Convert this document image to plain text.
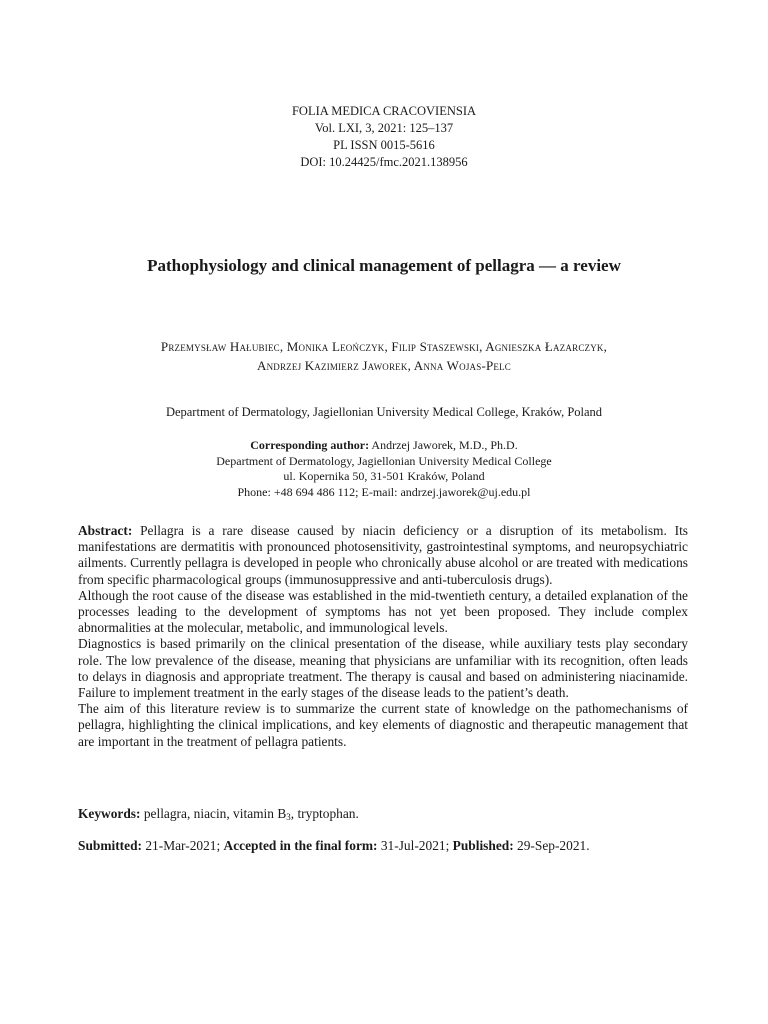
FOLIA MEDICA CRACOVIENSIA
Vol. LXI, 3, 2021: 125–137
PL ISSN 0015-5616
DOI: 10.24425/fmc.2021.138956
Pathophysiology and clinical management of pellagra — a review
Przemysław Hałubiec, Monika Leończyk, Filip Staszewski, Agnieszka Łazarczyk,
Andrzej Kazimierz Jaworek, Anna Wojas-Pelc
Department of Dermatology, Jagiellonian University Medical College, Kraków, Poland
Corresponding author: Andrzej Jaworek, M.D., Ph.D.
Department of Dermatology, Jagiellonian University Medical College
ul. Kopernika 50, 31-501 Kraków, Poland
Phone: +48 694 486 112; E-mail: andrzej.jaworek@uj.edu.pl

Abstract: Pellagra is a rare disease caused by niacin deficiency or a disruption of its metabolism. Its manifestations are dermatitis with pronounced photosensitivity, gastrointestinal symptoms, and neuropsychiatric ailments. Currently pellagra is developed in people who chronically abuse alcohol or are treated with medications from specific pharmacological groups (immunosuppressive and anti-tuberculosis drugs).

Although the root cause of the disease was established in the mid-twentieth century, a detailed explanation of the processes leading to the development of symptoms has not yet been proposed. They include complex abnormalities at the molecular, metabolic, and immunological levels.

Diagnostics is based primarily on the clinical presentation of the disease, while auxiliary tests play secondary role. The low prevalence of the disease, meaning that physicians are unfamiliar with its recognition, often leads to delays in diagnosis and appropriate treatment. The therapy is causal and based on administering niacinamide. Failure to implement treatment in the early stages of the disease leads to the patient’s death.

The aim of this literature review is to summarize the current state of knowledge on the pathomechanisms of pellagra, highlighting the clinical implications, and key elements of diagnostic and therapeutic management that are important in the treatment of pellagra patients.

Keywords: pellagra, niacin, vitamin $B_3$, tryptophan.
Submitted: 21-Mar-2021; Accepted in the final form: 31-Jul-2021; Published: 29-Sep-2021.
